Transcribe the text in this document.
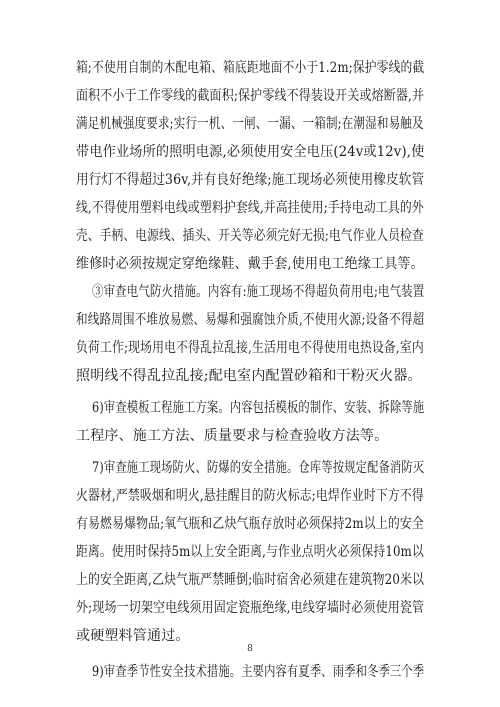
箱;不使用自制的木配电箱、箱底距地面不小于1.2m;保护零线的截
面积不小于工作零线的截面积;保护零线不得装设开关或熔断器,并
满足机械强度要求;实行一机、一闸、一漏、一箱制;在潮湿和易触及
带电作业场所的照明电源,必须使用安全电压(24v或12v),使
用行灯不得超过36v,并有良好绝缘;施工现场必须使用橡皮软管
线,不得使用塑料电线或塑料护套线,并高挂使用;手持电动工具的外
壳、手柄、电源线、插头、开关等必须完好无损;电气作业人员检查
维修时必须按规定穿绝缘鞋、戴手套,使用电工绝缘工具等。
③审查电气防火措施。内容有:施工现场不得超负荷用电;电气装置
和线路周围不堆放易燃、易爆和强腐蚀介质,不使用火源;设备不得超
负荷工作;现场用电不得乱拉乱接,生活用电不得使用电热设备,室内
照明线不得乱拉乱接;配电室内配置砂箱和干粉灭火器。
6)审查模板工程施工方案。内容包括模板的制作、安装、拆除等施
工程序、施工方法、质量要求与检查验收方法等。
7)审查施工现场防火、防爆的安全措施。仓库等按规定配备消防灭
火器材,严禁吸烟和明火,悬挂醒目的防火标志;电焊作业时下方不得
有易燃易爆物品;氧气瓶和乙炔气瓶存放时必须保持2m以上的安全
距离。使用时保持5m以上安全距离,与作业点明火必须保持10m以
上的安全距离,乙炔气瓶严禁睡倒;临时宿舍必须建在建筑物20米以
外;现场一切架空电线须用固定瓷瓶绝缘,电线穿墙时必须使用瓷管
或硬塑料管通过。
9)审查季节性安全技术措施。主要内容有夏季、雨季和冬季三个季
8
